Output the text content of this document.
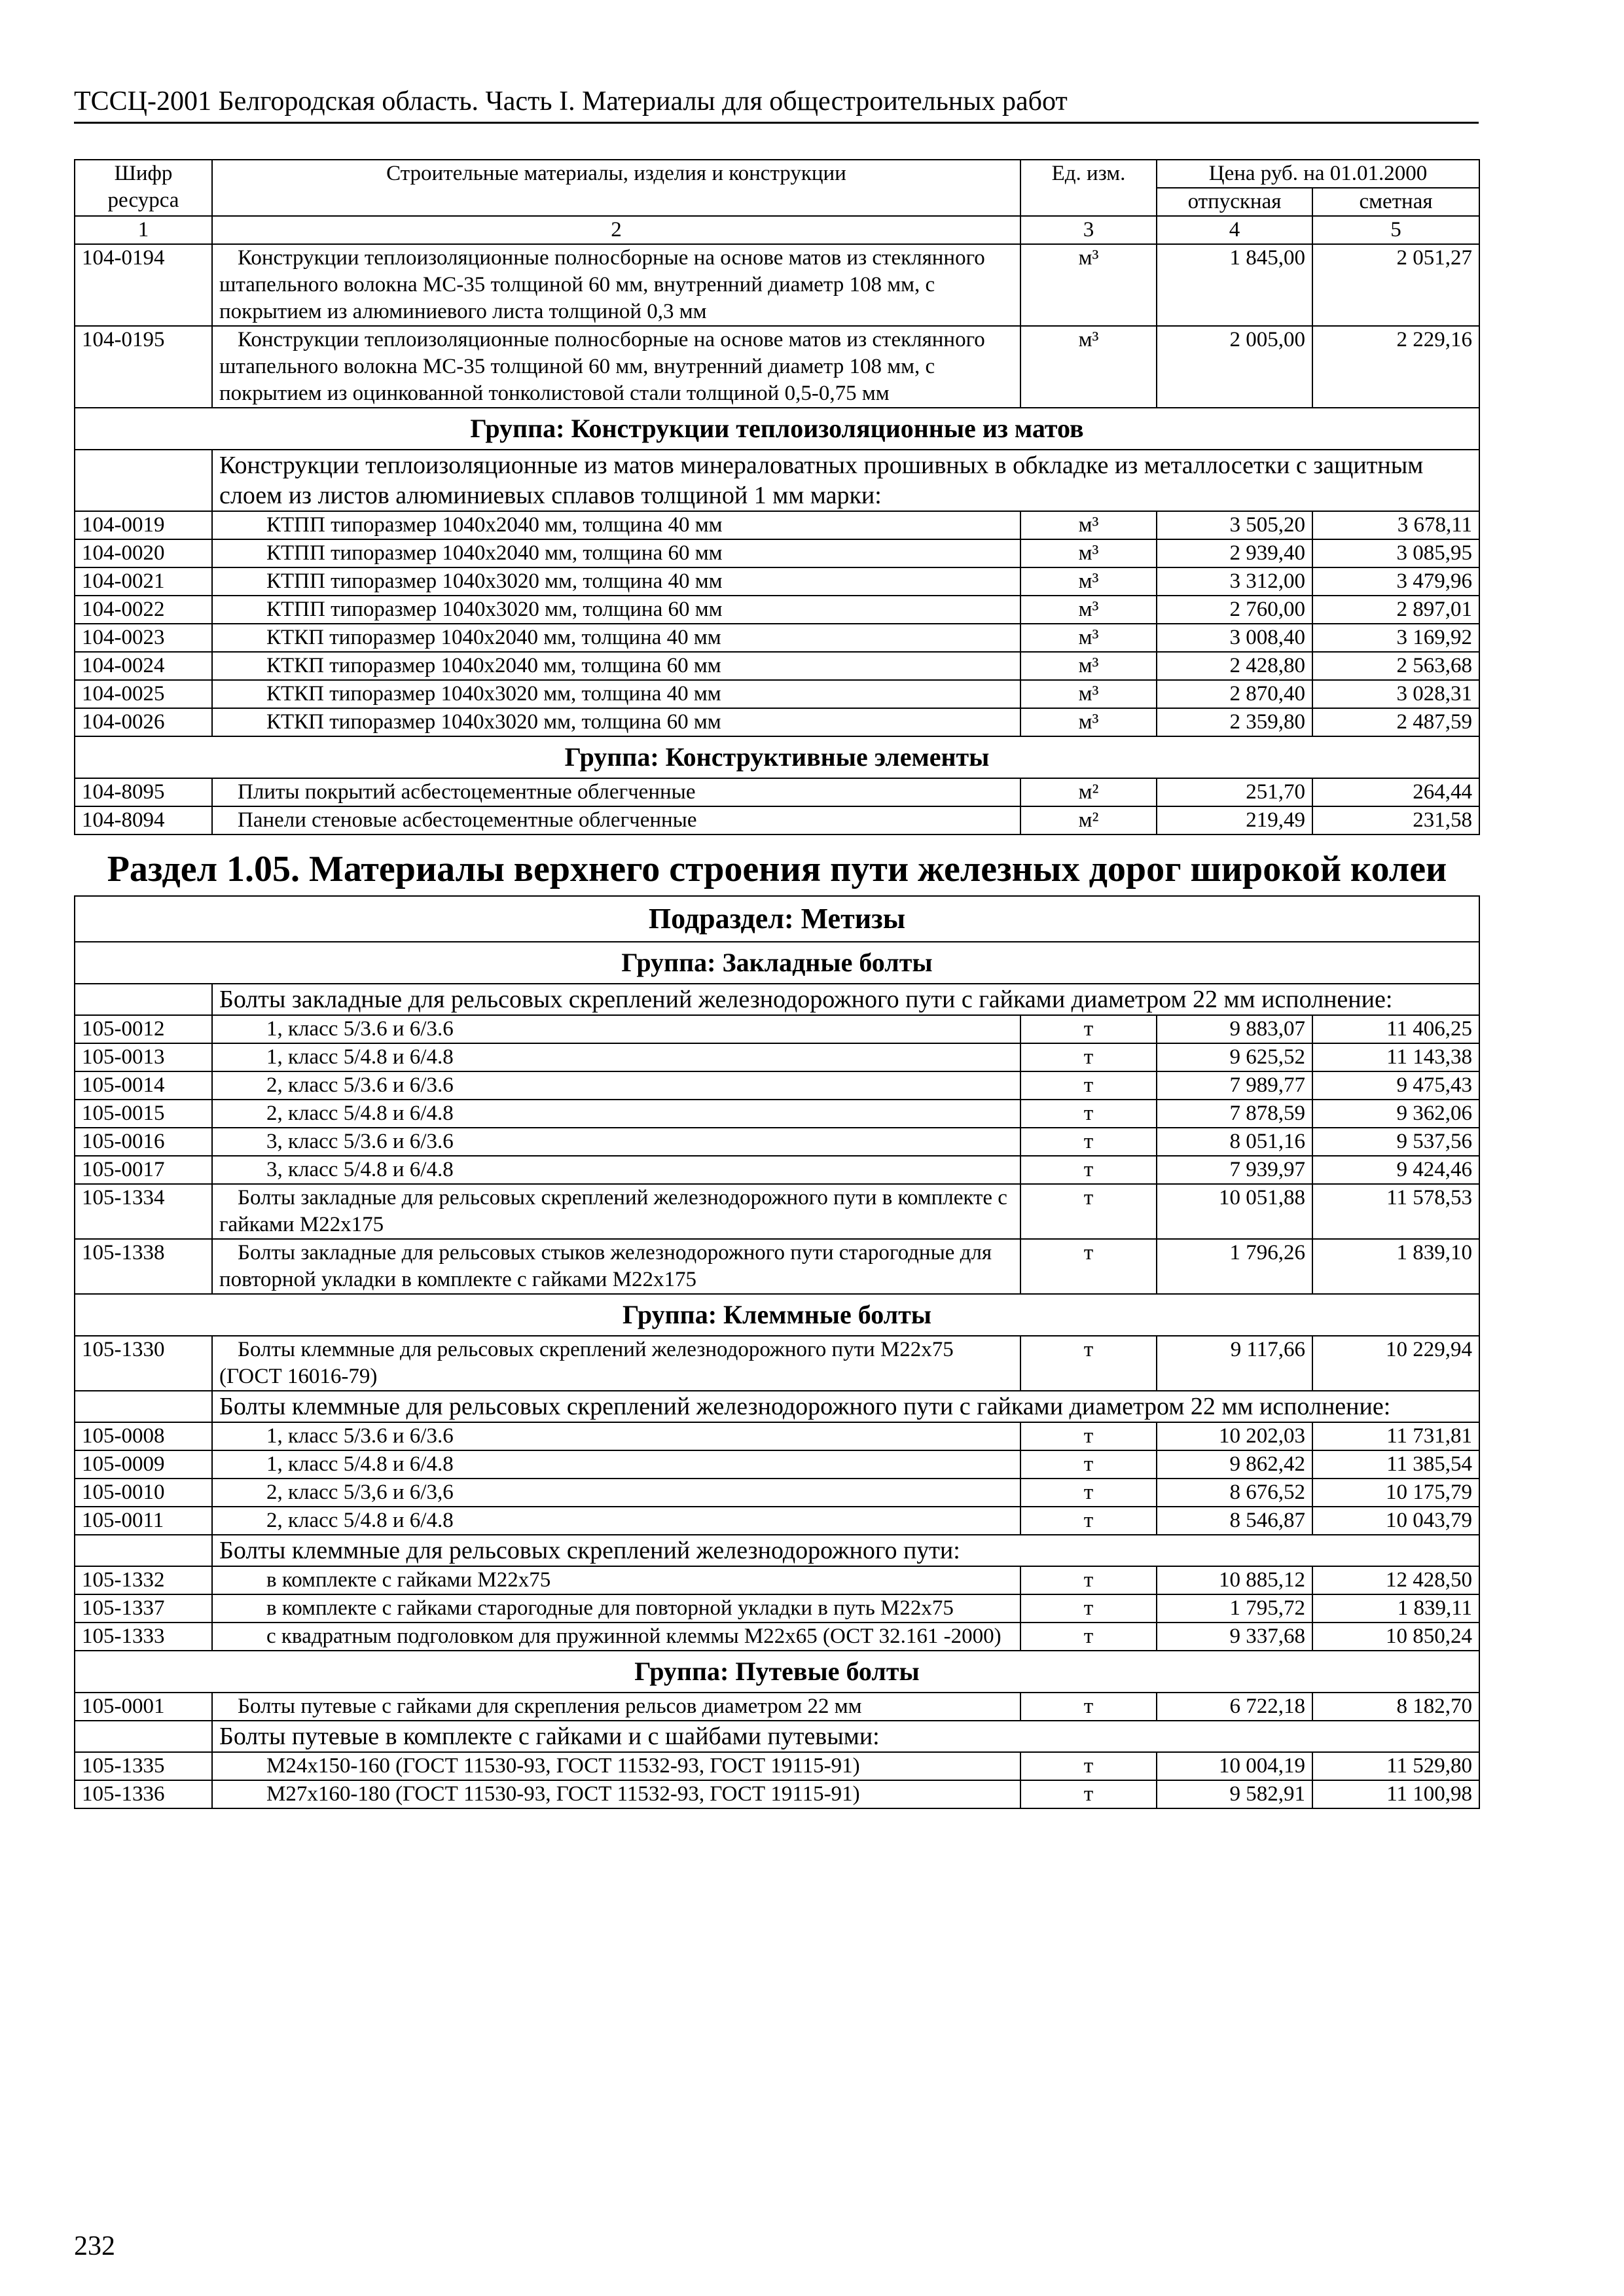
ТССЦ-2001 Белгородская область. Часть I. Материалы для общестроительных работ
Шифр ресурса	Строительные материалы, изделия и конструкции	Ед. изм.	Цена руб. на 01.01.2000	
			отпускная	сметная
1	2	3	4	5
104-0194	Конструкции теплоизоляционные полносборные на основе матов из стеклянного штапельного волокна МС-35 толщиной 60 мм, внутренний диаметр 108 мм, с покрытием из алюминиевого листа толщиной 0,3 мм	м³	1 845,00	2 051,27
104-0195	Конструкции теплоизоляционные полносборные на основе матов из стеклянного штапельного волокна МС-35 толщиной 60 мм, внутренний диаметр 108 мм, с покрытием из оцинкованной тонколистовой стали толщиной 0,5-0,75 мм	м³	2 005,00	2 229,16
Группа: Конструкции теплоизоляционные из матов				
	Конструкции теплоизоляционные из матов минераловатных прошивных в обкладке из металлосетки с защитным слоем из листов алюминиевых сплавов толщиной 1 мм марки:			
104-0019	КТПП типоразмер 1040х2040 мм, толщина 40 мм	м³	3 505,20	3 678,11
104-0020	КТПП типоразмер 1040х2040 мм, толщина 60 мм	м³	2 939,40	3 085,95
104-0021	КТПП типоразмер 1040х3020 мм, толщина 40 мм	м³	3 312,00	3 479,96
104-0022	КТПП типоразмер 1040х3020 мм, толщина 60 мм	м³	2 760,00	2 897,01
104-0023	КТКП типоразмер 1040х2040 мм, толщина 40 мм	м³	3 008,40	3 169,92
104-0024	КТКП типоразмер 1040х2040 мм, толщина 60 мм	м³	2 428,80	2 563,68
104-0025	КТКП типоразмер 1040х3020 мм, толщина 40 мм	м³	2 870,40	3 028,31
104-0026	КТКП типоразмер 1040х3020 мм, толщина 60 мм	м³	2 359,80	2 487,59
Группа: Конструктивные элементы				
104-8095	Плиты покрытий асбестоцементные облегченные	м²	251,70	264,44
104-8094	Панели стеновые асбестоцементные облегченные	м²	219,49	231,58
Раздел 1.05. Материалы верхнего строения пути железных дорог широкой колеи				
Подраздел: Метизы				
Группа: Закладные болты				
	Болты закладные для рельсовых скреплений железнодорожного пути с гайками диаметром 22 мм исполнение:			
105-0012	1, класс 5/3.6 и 6/3.6	т	9 883,07	11 406,25
105-0013	1, класс 5/4.8 и 6/4.8	т	9 625,52	11 143,38
105-0014	2, класс 5/3.6 и 6/3.6	т	7 989,77	9 475,43
105-0015	2, класс 5/4.8 и 6/4.8	т	7 878,59	9 362,06
105-0016	3, класс 5/3.6 и 6/3.6	т	8 051,16	9 537,56
105-0017	3, класс 5/4.8 и 6/4.8	т	7 939,97	9 424,46
105-1334	Болты закладные для рельсовых скреплений железнодорожного пути в комплекте с гайками М22х175	т	10 051,88	11 578,53
105-1338	Болты закладные для рельсовых стыков железнодорожного пути старогодные для повторной укладки в комплекте с гайками М22х175	т	1 796,26	1 839,10
Группа: Клеммные болты				
105-1330	Болты клеммные для рельсовых скреплений железнодорожного пути М22х75 (ГОСТ 16016-79)	т	9 117,66	10 229,94
	Болты клеммные для рельсовых скреплений железнодорожного пути с гайками диаметром 22 мм исполнение:			
105-0008	1, класс 5/3.6 и 6/3.6	т	10 202,03	11 731,81
105-0009	1, класс 5/4.8 и 6/4.8	т	9 862,42	11 385,54
105-0010	2, класс 5/3,6 и 6/3,6	т	8 676,52	10 175,79
105-0011	2, класс 5/4.8 и 6/4.8	т	8 546,87	10 043,79
	Болты клеммные для рельсовых скреплений железнодорожного пути:			
105-1332	в комплекте с гайками М22х75	т	10 885,12	12 428,50
105-1337	в комплекте с гайками старогодные для повторной укладки в путь М22х75	т	1 795,72	1 839,11
105-1333	с квадратным подголовком для пружинной клеммы М22х65 (ОСТ 32.161 -2000)	т	9 337,68	10 850,24
Группа: Путевые болты				
105-0001	Болты путевые с гайками для скрепления рельсов диаметром 22 мм	т	6 722,18	8 182,70
	Болты путевые в комплекте с гайками и с шайбами путевыми:			
105-1335	М24х150-160 (ГОСТ 11530-93, ГОСТ 11532-93, ГОСТ 19115-91)	т	10 004,19	11 529,80
105-1336	М27х160-180 (ГОСТ 11530-93, ГОСТ 11532-93, ГОСТ 19115-91)	т	9 582,91	11 100,98
232
